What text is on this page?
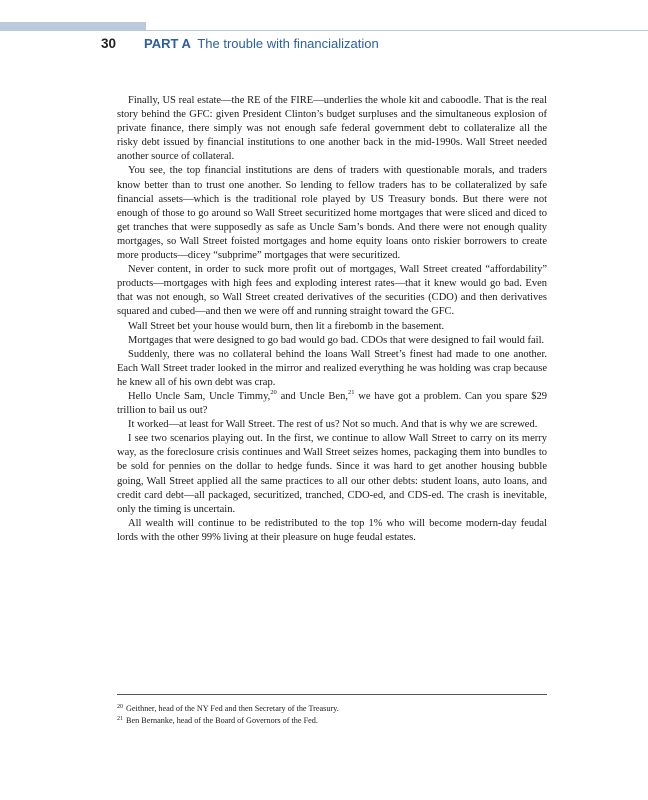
30 PART A The trouble with financialization

Finally, US real estate—the RE of the FIRE—underlies the whole kit and caboodle. That is the real story behind the GFC: given President Clinton’s budget surpluses and the simultaneous explosion of private finance, there simply was not enough safe federal government debt to collateralize all the risky debt issued by financial institutions to one another back in the mid-1990s. Wall Street needed another source of collateral.

You see, the top financial institutions are dens of traders with questionable morals, and traders know better than to trust one another. So lending to fellow traders has to be collateralized by safe financial assets—which is the traditional role played by US Treasury bonds. But there were not enough of those to go around so Wall Street securitized home mortgages that were sliced and diced to get tranches that were supposedly as safe as Uncle Sam’s bonds. And there were not enough quality mortgages, so Wall Street foisted mortgages and home equity loans onto riskier borrowers to create more products—dicey “subprime” mortgages that were securitized.

Never content, in order to suck more profit out of mortgages, Wall Street created “affordability” products—mortgages with high fees and exploding interest rates—that it knew would go bad. Even that was not enough, so Wall Street created derivatives of the securities (CDO) and then derivatives squared and cubed—and then we were off and running straight toward the GFC.

Wall Street bet your house would burn, then lit a firebomb in the basement.

Mortgages that were designed to go bad would go bad. CDOs that were designed to fail would fail.

Suddenly, there was no collateral behind the loans Wall Street’s finest had made to one another. Each Wall Street trader looked in the mirror and realized everything he was holding was crap because he knew all of his own debt was crap.

Hello Uncle Sam, Uncle Timmy,$^{20}$ and Uncle Ben,$^{21}$ we have got a problem. Can you spare $29 trillion to bail us out?

It worked—at least for Wall Street. The rest of us? Not so much. And that is why we are screwed.

I see two scenarios playing out. In the first, we continue to allow Wall Street to carry on its merry way, as the foreclosure crisis continues and Wall Street seizes homes, packaging them into bundles to be sold for pennies on the dollar to hedge funds. Since it was hard to get another housing bubble going, Wall Street applied all the same practices to all our other debts: student loans, auto loans, and credit card debt—all packaged, securitized, tranched, CDO-ed, and CDS-ed. The crash is inevitable, only the timing is uncertain.

All wealth will continue to be redistributed to the top 1% who will become modern-day feudal lords with the other 99% living at their pleasure on huge feudal estates.

$^{20}$ Geithner, head of the NY Fed and then Secretary of the Treasury.

$^{21}$ Ben Bernanke, head of the Board of Governors of the Fed.
